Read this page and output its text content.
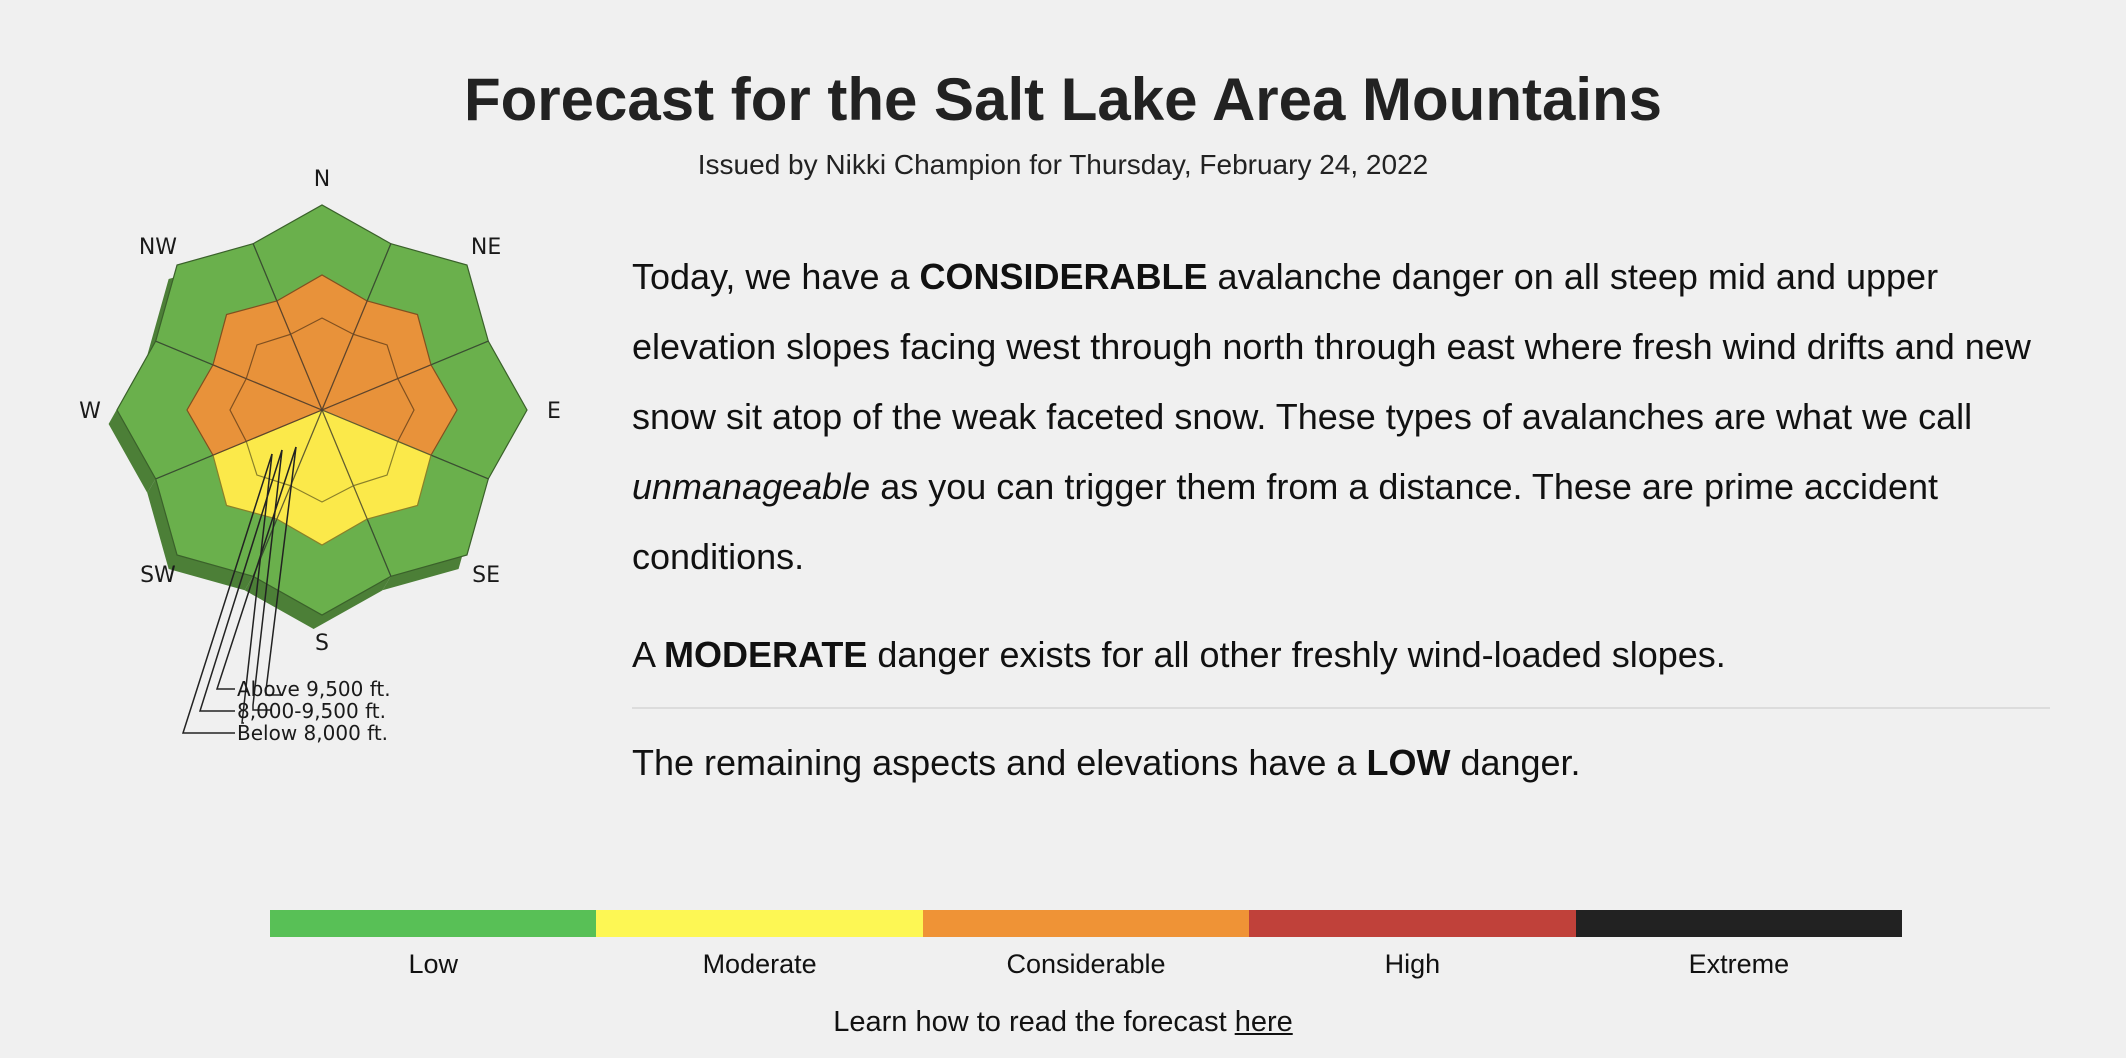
Forecast for the Salt Lake Area Mountains
Issued by Nikki Champion for Thursday, February 24, 2022
N
NE
E
SE
S
SW
W
NW
Above 9,500 ft.
8,000-9,500 ft.
Below 8,000 ft.

Today, we have a CONSIDERABLE avalanche danger on all steep mid and upper elevation slopes facing west through north through east where fresh wind drifts and new snow sit atop of the weak faceted snow. These types of avalanches are what we call unmanageable as you can trigger them from a distance. These are prime accident conditions.

A MODERATE danger exists for all other freshly wind-loaded slopes.

The remaining aspects and elevations have a LOW danger.

Low	Moderate	Considerable	High	Extreme
Learn how to read the forecast here
